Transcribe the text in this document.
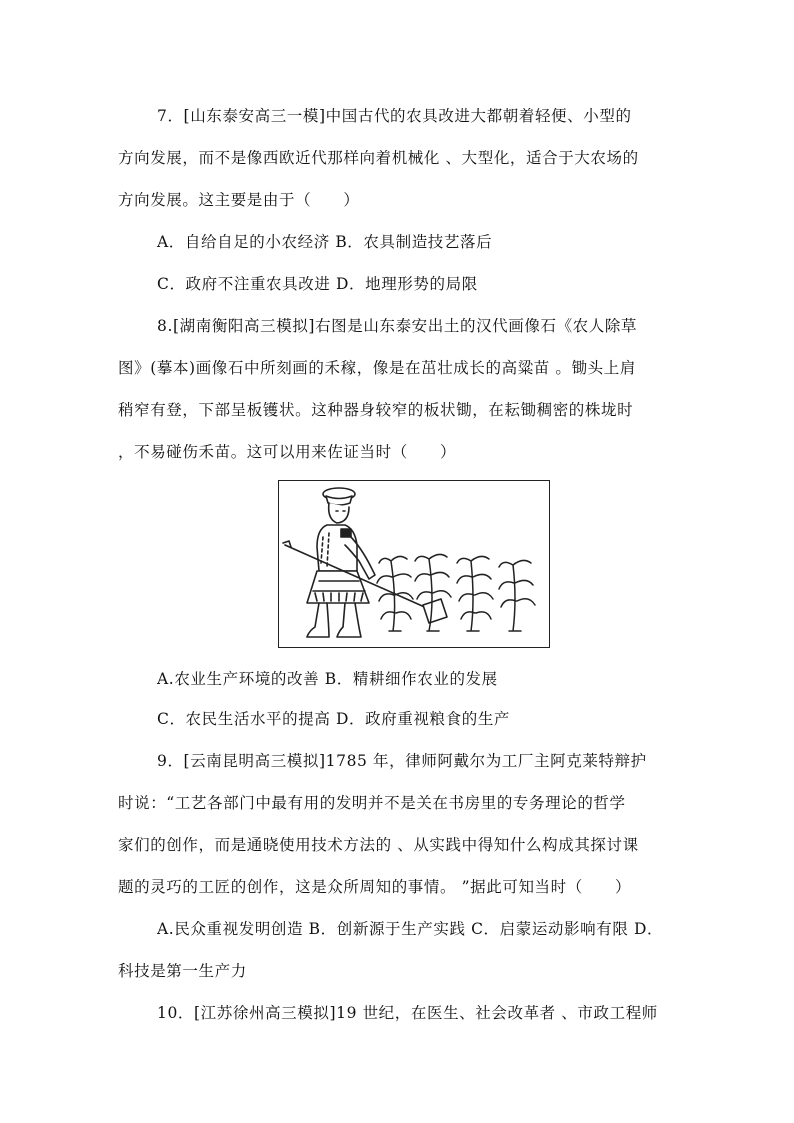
7．[山东泰安高三一模]中国古代的农具改进大都朝着轻便、小型的
方向发展，而不是像西欧近代那样向着机械化 、大型化，适合于大农场的
方向发展。这主要是由于（　　）
A．自给自足的小农经济 B．农具制造技艺落后
C．政府不注重农具改进 D．地理形势的局限
8.[湖南衡阳高三模拟]右图是山东泰安出土的汉代画像石《农人除草
图》(摹本)画像石中所刻画的禾稼，像是在茁壮成长的高粱苗 。锄头上肩
稍窄有登，下部呈板镬状。这种器身较窄的板状锄，在耘锄稠密的株垅时
，不易碰伤禾苗。这可以用来佐证当时（　　）
A.农业生产环境的改善 B．精耕细作农业的发展
C．农民生活水平的提高 D．政府重视粮食的生产
9．[云南昆明高三模拟]1785 年，律师阿戴尔为工厂主阿克莱特辩护
时说：“工艺各部门中最有用的发明并不是关在书房里的专务理论的哲学
家们的创作，而是通晓使用技术方法的 、从实践中得知什么构成其探讨课
题的灵巧的工匠的创作，这是众所周知的事情。 ”据此可知当时（　　）
A.民众重视发明创造 B．创新源于生产实践 C．启蒙运动影响有限 D．
科技是第一生产力
10．[江苏徐州高三模拟]19 世纪，在医生、社会改革者 、市政工程师
